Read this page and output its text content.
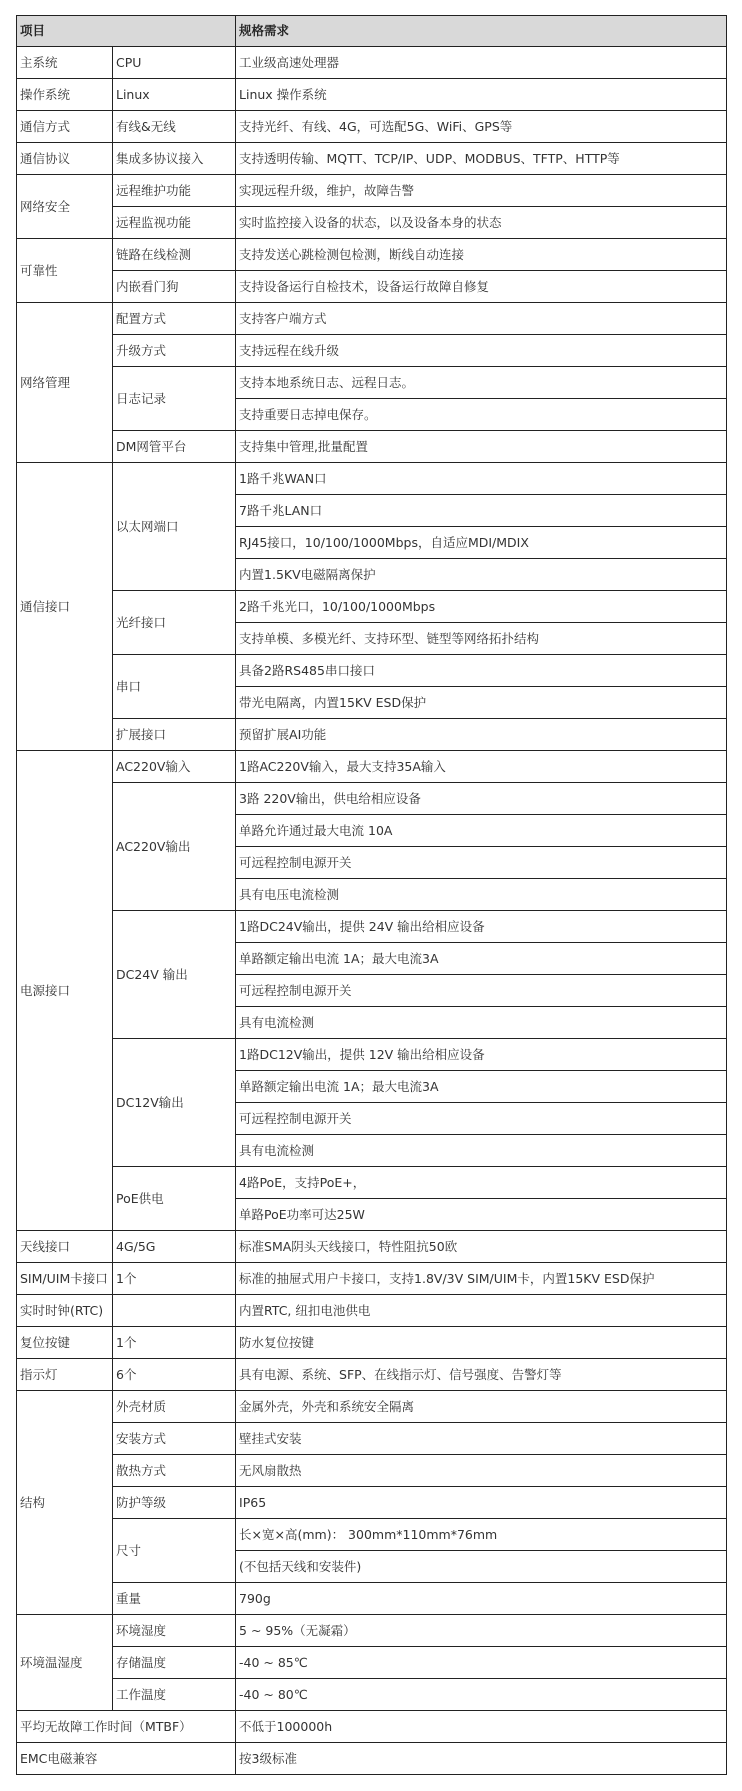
项目		规格需求

主系统	CPU	工业级高速处理器

操作系统	Linux	Linux 操作系统

通信方式	有线&无线	支持光纤、有线、4G，可选配5G、WiFi、GPS等

通信协议	集成多协议接入	支持透明传输、MQTT、TCP/IP、UDP、MODBUS、TFTP、HTTP等

网络安全	远程维护功能	实现远程升级，维护，故障告警

	远程监视功能	实时监控接入设备的状态，以及设备本身的状态

可靠性	链路在线检测	支持发送心跳检测包检测，断线自动连接

	内嵌看门狗	支持设备运行自检技术，设备运行故障自修复

网络管理	配置方式	支持客户端方式

	升级方式	支持远程在线升级

	日志记录	支持本地系统日志、远程日志。

		支持重要日志掉电保存。

	DM网管平台	支持集中管理,批量配置

通信接口	以太网端口	1路千兆WAN口

		7路千兆LAN口

		RJ45接口，10/100/1000Mbps，自适应MDI/MDIX

		内置1.5KV电磁隔离保护

	光纤接口	2路千兆光口，10/100/1000Mbps

		支持单模、多模光纤、支持环型、链型等网络拓扑结构

	串口	具备2路RS485串口接口

		带光电隔离，内置15KV ESD保护

	扩展接口	预留扩展AI功能

电源接口	AC220V输入	1路AC220V输入，最大支持35A输入

	AC220V输出	3路 220V输出，供电给相应设备

		单路允许通过最大电流 10A

		可远程控制电源开关

		具有电压电流检测

	DC24V 输出	1路DC24V输出，提供 24V 输出给相应设备

		单路额定输出电流 1A；最大电流3A

		可远程控制电源开关

		具有电流检测

	DC12V输出	1路DC12V输出，提供 12V 输出给相应设备

		单路额定输出电流 1A；最大电流3A

		可远程控制电源开关

		具有电流检测

	PoE供电	4路PoE，支持PoE+，

		单路PoE功率可达25W

天线接口	4G/5G	标准SMA阴头天线接口，特性阻抗50欧

SIM/UIM卡接口	1个	标准的抽屉式用户卡接口，支持1.8V/3V SIM/UIM卡，内置15KV ESD保护

实时时钟(RTC)		内置RTC, 纽扣电池供电

复位按键	1个	防水复位按键

指示灯	6个	具有电源、系统、SFP、在线指示灯、信号强度、告警灯等

结构	外壳材质	金属外壳，外壳和系统安全隔离

	安装方式	壁挂式安装

	散热方式	无风扇散热

	防护等级	IP65

	尺寸	长×宽×高(mm)： 300mm*110mm*76mm

		(不包括天线和安装件)

	重量	790g

环境温湿度	环境湿度	5 ~ 95%（无凝霜）

	存储温度	-40 ~ 85℃

	工作温度	-40 ~ 80℃

平均无故障工作时间（MTBF）		不低于100000h

EMC电磁兼容		按3级标准
